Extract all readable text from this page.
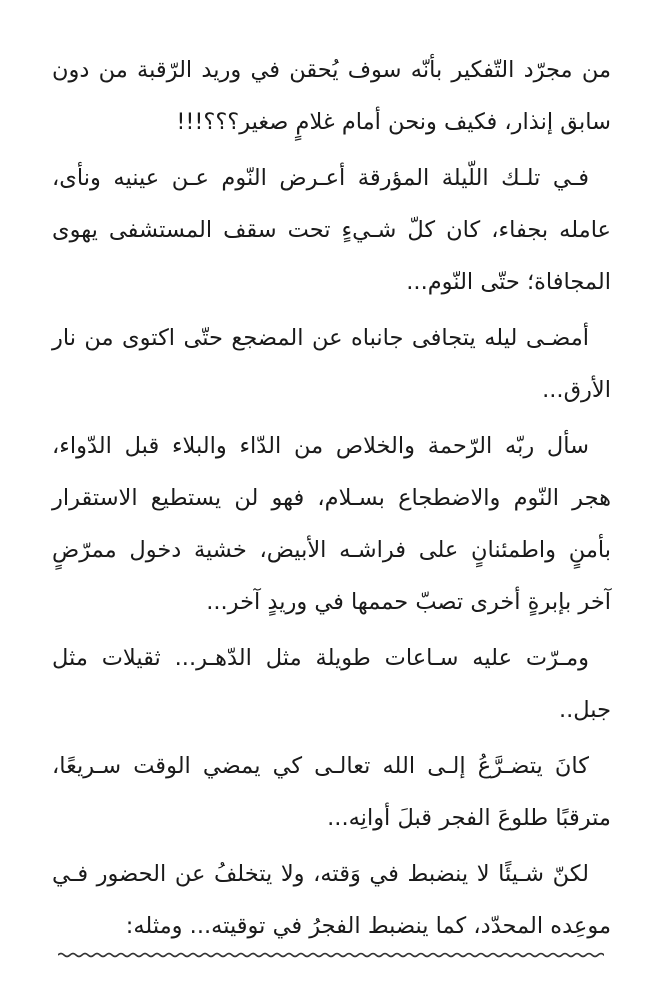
من مجرّد التّفكير بأنّه سوف يُحقن في وريد الرّقبة من دون سابق إنذار، فكيف ونحن أمام غلامٍ صغير؟؟؟!!!

فـي تلـك اللّيلة المؤرقة أعـرض النّوم عـن عينيه ونأى، عامله بجفاء، كان كلّ شـيءٍ تحت سقف المستشفى يهوى المجافاة؛ حتّى النّوم...

أمضـى ليله يتجافى جانباه عن المضجع حتّى اكتوى من نار الأرق...

سأل ربّه الرّحمة والخلاص من الدّاء والبلاء قبل الدّواء، هجر النّوم والاضطجاع بسـلام، فهو لن يستطيع الاستقرار بأمنٍ واطمئنانٍ على فراشـه الأبيض، خشية دخول ممرّضٍ آخر بإبرةٍ أخرى تصبّ حممها في وريدٍ آخر...

ومـرّت عليه سـاعات طويلة مثل الدّهـر... ثقيلات مثل جبل..

كانَ يتضـرَّعُ إلـى الله تعالـى كي يمضي الوقت سـريعًا، مترقبًا طلوعَ الفجر قبلَ أوانِه...

لكنّ شـيئًا لا ينضبط في وَقته، ولا يتخلفُ عن الحضور فـي موعِده المحدّد، كما ينضبط الفجرُ في توقيته... ومثله:
